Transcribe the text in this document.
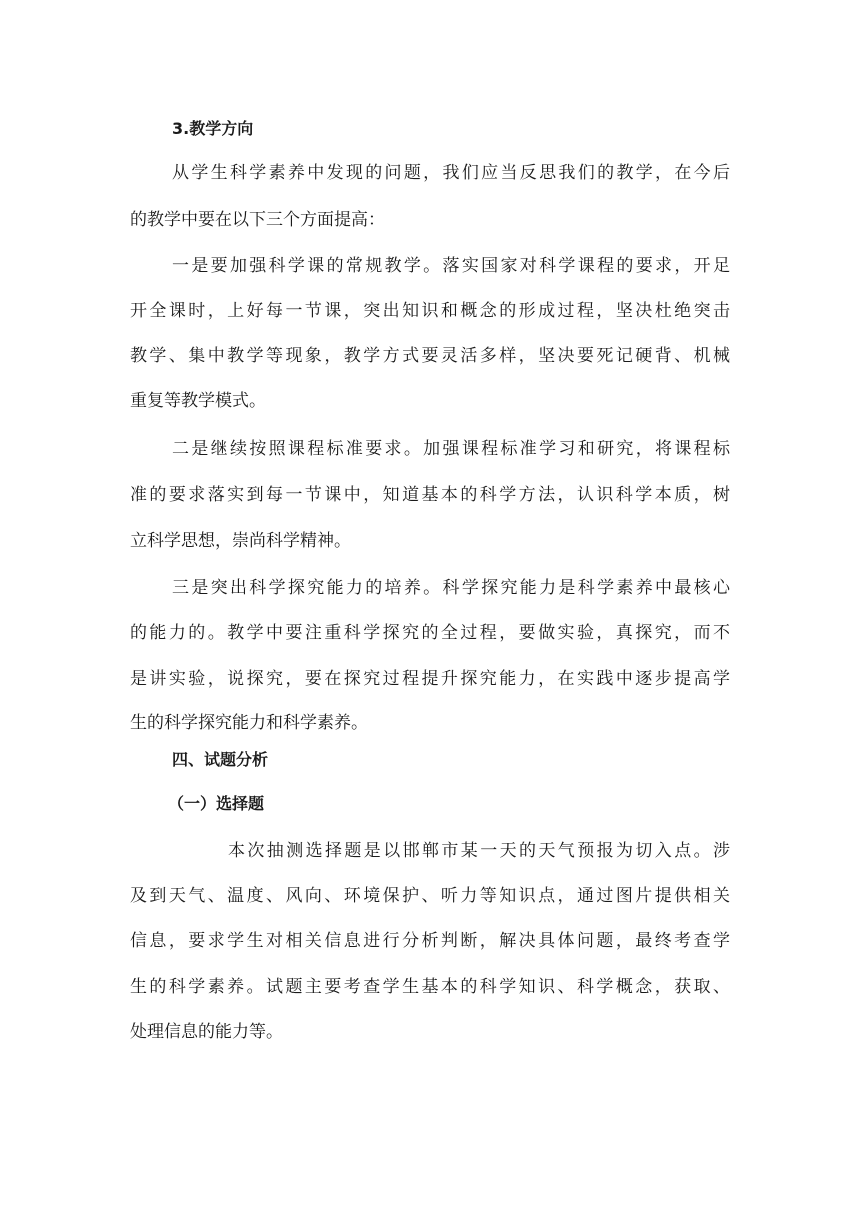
3.教学方向

从学生科学素养中发现的问题，我们应当反思我们的教学，在今后

的教学中要在以下三个方面提高：

一是要加强科学课的常规教学。落实国家对科学课程的要求，开足

开全课时，上好每一节课，突出知识和概念的形成过程，坚决杜绝突击

教学、集中教学等现象，教学方式要灵活多样，坚决要死记硬背、机械

重复等教学模式。

二是继续按照课程标准要求。加强课程标准学习和研究，将课程标

准的要求落实到每一节课中，知道基本的科学方法，认识科学本质，树

立科学思想，崇尚科学精神。

三是突出科学探究能力的培养。科学探究能力是科学素养中最核心

的能力的。教学中要注重科学探究的全过程，要做实验，真探究，而不

是讲实验，说探究，要在探究过程提升探究能力，在实践中逐步提高学

生的科学探究能力和科学素养。

四、试题分析

（一）选择题

本次抽测选择题是以邯郸市某一天的天气预报为切入点。涉

及到天气、温度、风向、环境保护、听力等知识点，通过图片提供相关

信息，要求学生对相关信息进行分析判断，解决具体问题，最终考查学

生的科学素养。试题主要考查学生基本的科学知识、科学概念，获取、

处理信息的能力等。
